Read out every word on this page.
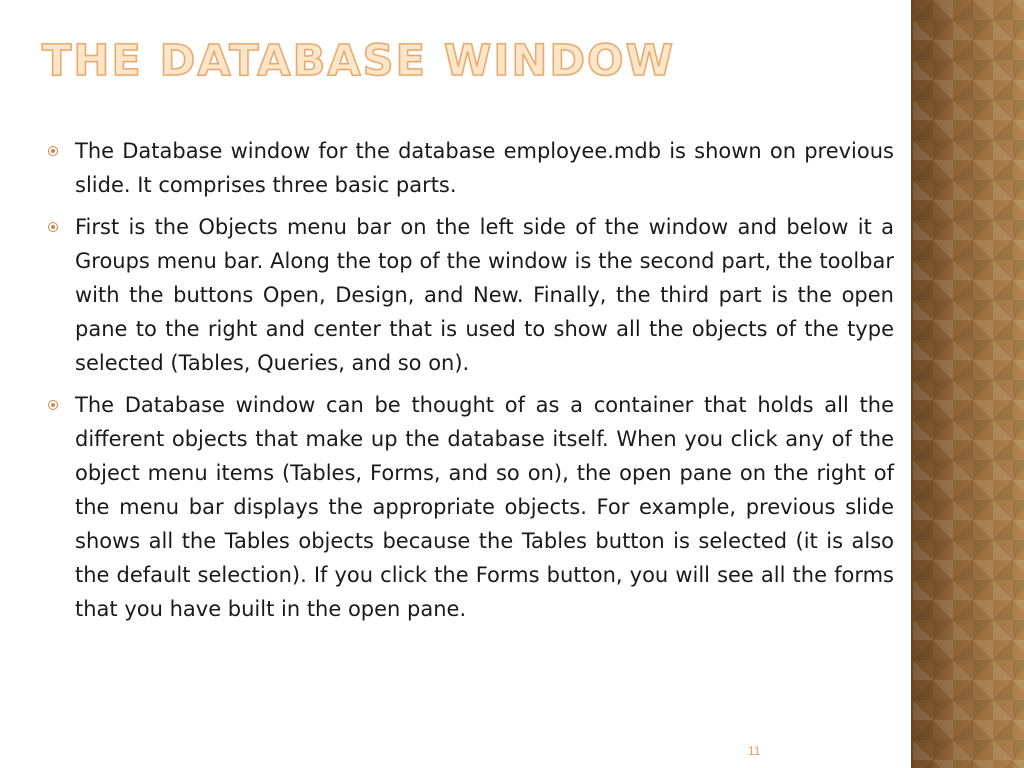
THE DATABASE WINDOW

The Database window for the database employee.mdb is shown on previous slide. It comprises three basic parts.

First is the Objects menu bar on the left side of the window and below it a Groups menu bar. Along the top of the window is the second part, the toolbar with the buttons Open, Design, and New. Finally, the third part is the open pane to the right and center that is used to show all the objects of the type selected (Tables, Queries, and so on).

The Database window can be thought of as a container that holds all the different objects that make up the database itself. When you click any of the object menu items (Tables, Forms, and so on), the open pane on the right of the menu bar displays the appropriate objects. For example, previous slide shows all the Tables objects because the Tables button is selected (it is also the default selection). If you click the Forms button, you will see all the forms that you have built in the open pane.

11
